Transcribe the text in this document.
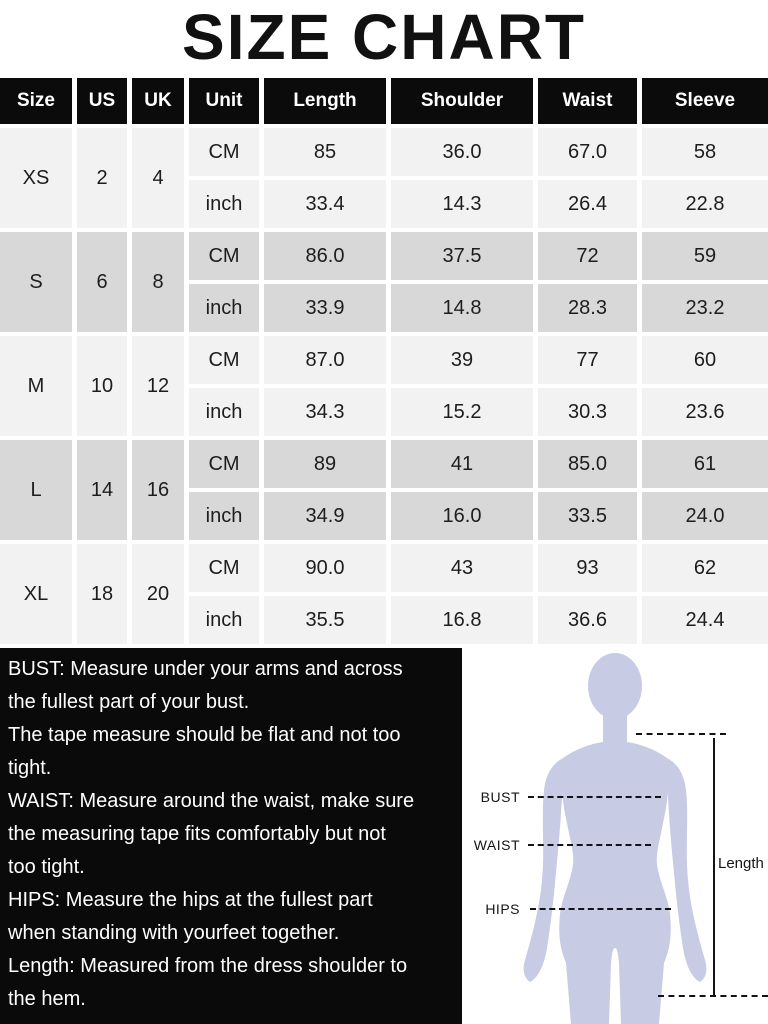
SIZE CHART
Size	US	UK	Unit	Length	Shoulder	Waist	Sleeve
XS	2	4	CM	85	36.0	67.0	58
			inch	33.4	14.3	26.4	22.8
S	6	8	CM	86.0	37.5	72	59
			inch	33.9	14.8	28.3	23.2
M	10	12	CM	87.0	39	77	60
			inch	34.3	15.2	30.3	23.6
L	14	16	CM	89	41	85.0	61
			inch	34.9	16.0	33.5	24.0
XL	18	20	CM	90.0	43	93	62
			inch	35.5	16.8	36.6	24.4
BUST: Measure under your arms and across
the fullest part of your bust.
The tape measure should be flat and not too
tight.
WAIST: Measure around the waist, make sure
the measuring tape fits comfortably but not
too tight.
HIPS: Measure the hips at the fullest part
when standing with yourfeet together.
Length: Measured from the dress shoulder to
the hem.
BUST
WAIST
Length
HIPS
